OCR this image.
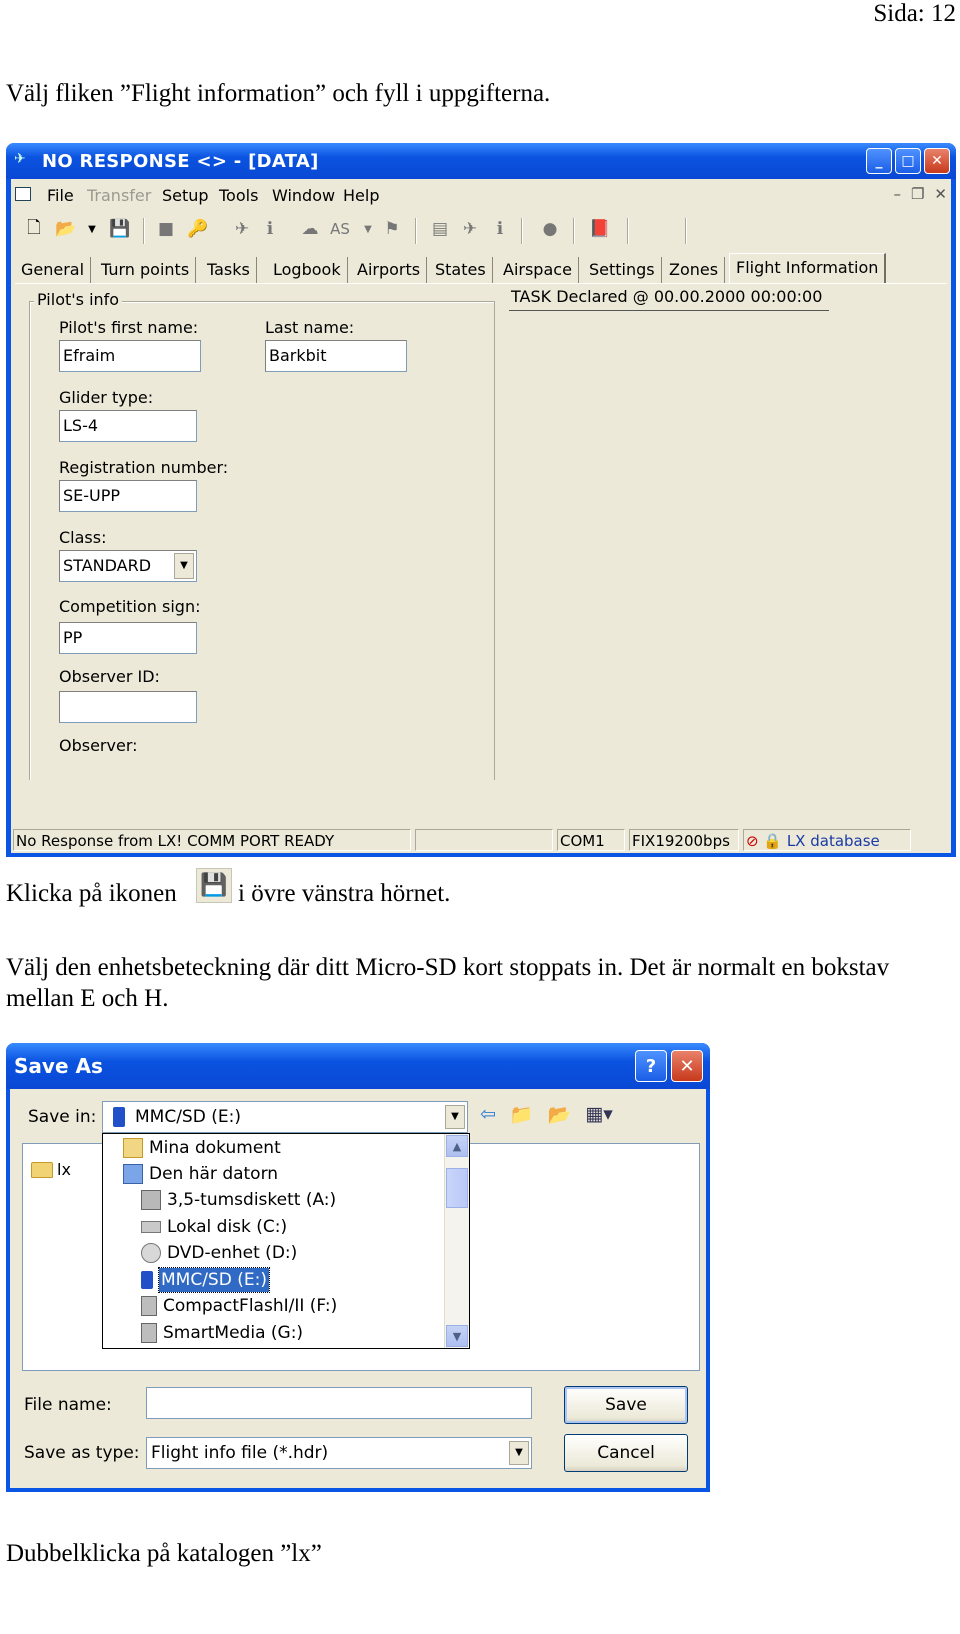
Sida: 12

Välj fliken ”Flight information” och fyll i uppgifterna.

✈ NO RESPONSE <> - [DATA]	_	□	✕
File Transfer Setup Tools Window Help	– ❐ ✕
🗋 📂	▼ 💾 ■ 🔑 ✈	ℹ	☁ AS	▼ ⚑ ▤ ✈	ℹ	● 📕
General	Turn points	Tasks	Logbook	Airports States	Airspace	Settings Zones	Flight Information
Pilot's info
Pilot's first name:
Efraim
Last name:
Barkbit
Glider type:
LS-4
Registration number:
SE-UPP
Class:
STANDARD	▼
Competition sign:
PP
Observer ID:
Observer:
TASK Declared @ 00.00.2000 00:00:00
No Response from LX! COMM PORT READY	COM1	FIX19200bps	⊘ 🔒 LX database

Klicka på ikonen 💾 i övre vänstra hörnet.

Välj den enhetsbeteckning där ditt Micro-SD kort stoppats in. Det är normalt en bokstav mellan E och H.

Save As	?	✕
Save in:	MMC/SD (E:)	▼	⇦ 📁 📂 ▦▾
lx
Mina dokument
Den här datorn
3,5-tumsdiskett (A:)
Lokal disk (C:)
DVD-enhet (D:)
MMC/SD (E:)
CompactFlashI/II (F:)
SmartMedia (G:)
▲
▼
File name:
Save as type: Flight info file (*.hdr)	▼
Save
Cancel

Dubbelklicka på katalogen ”lx”
